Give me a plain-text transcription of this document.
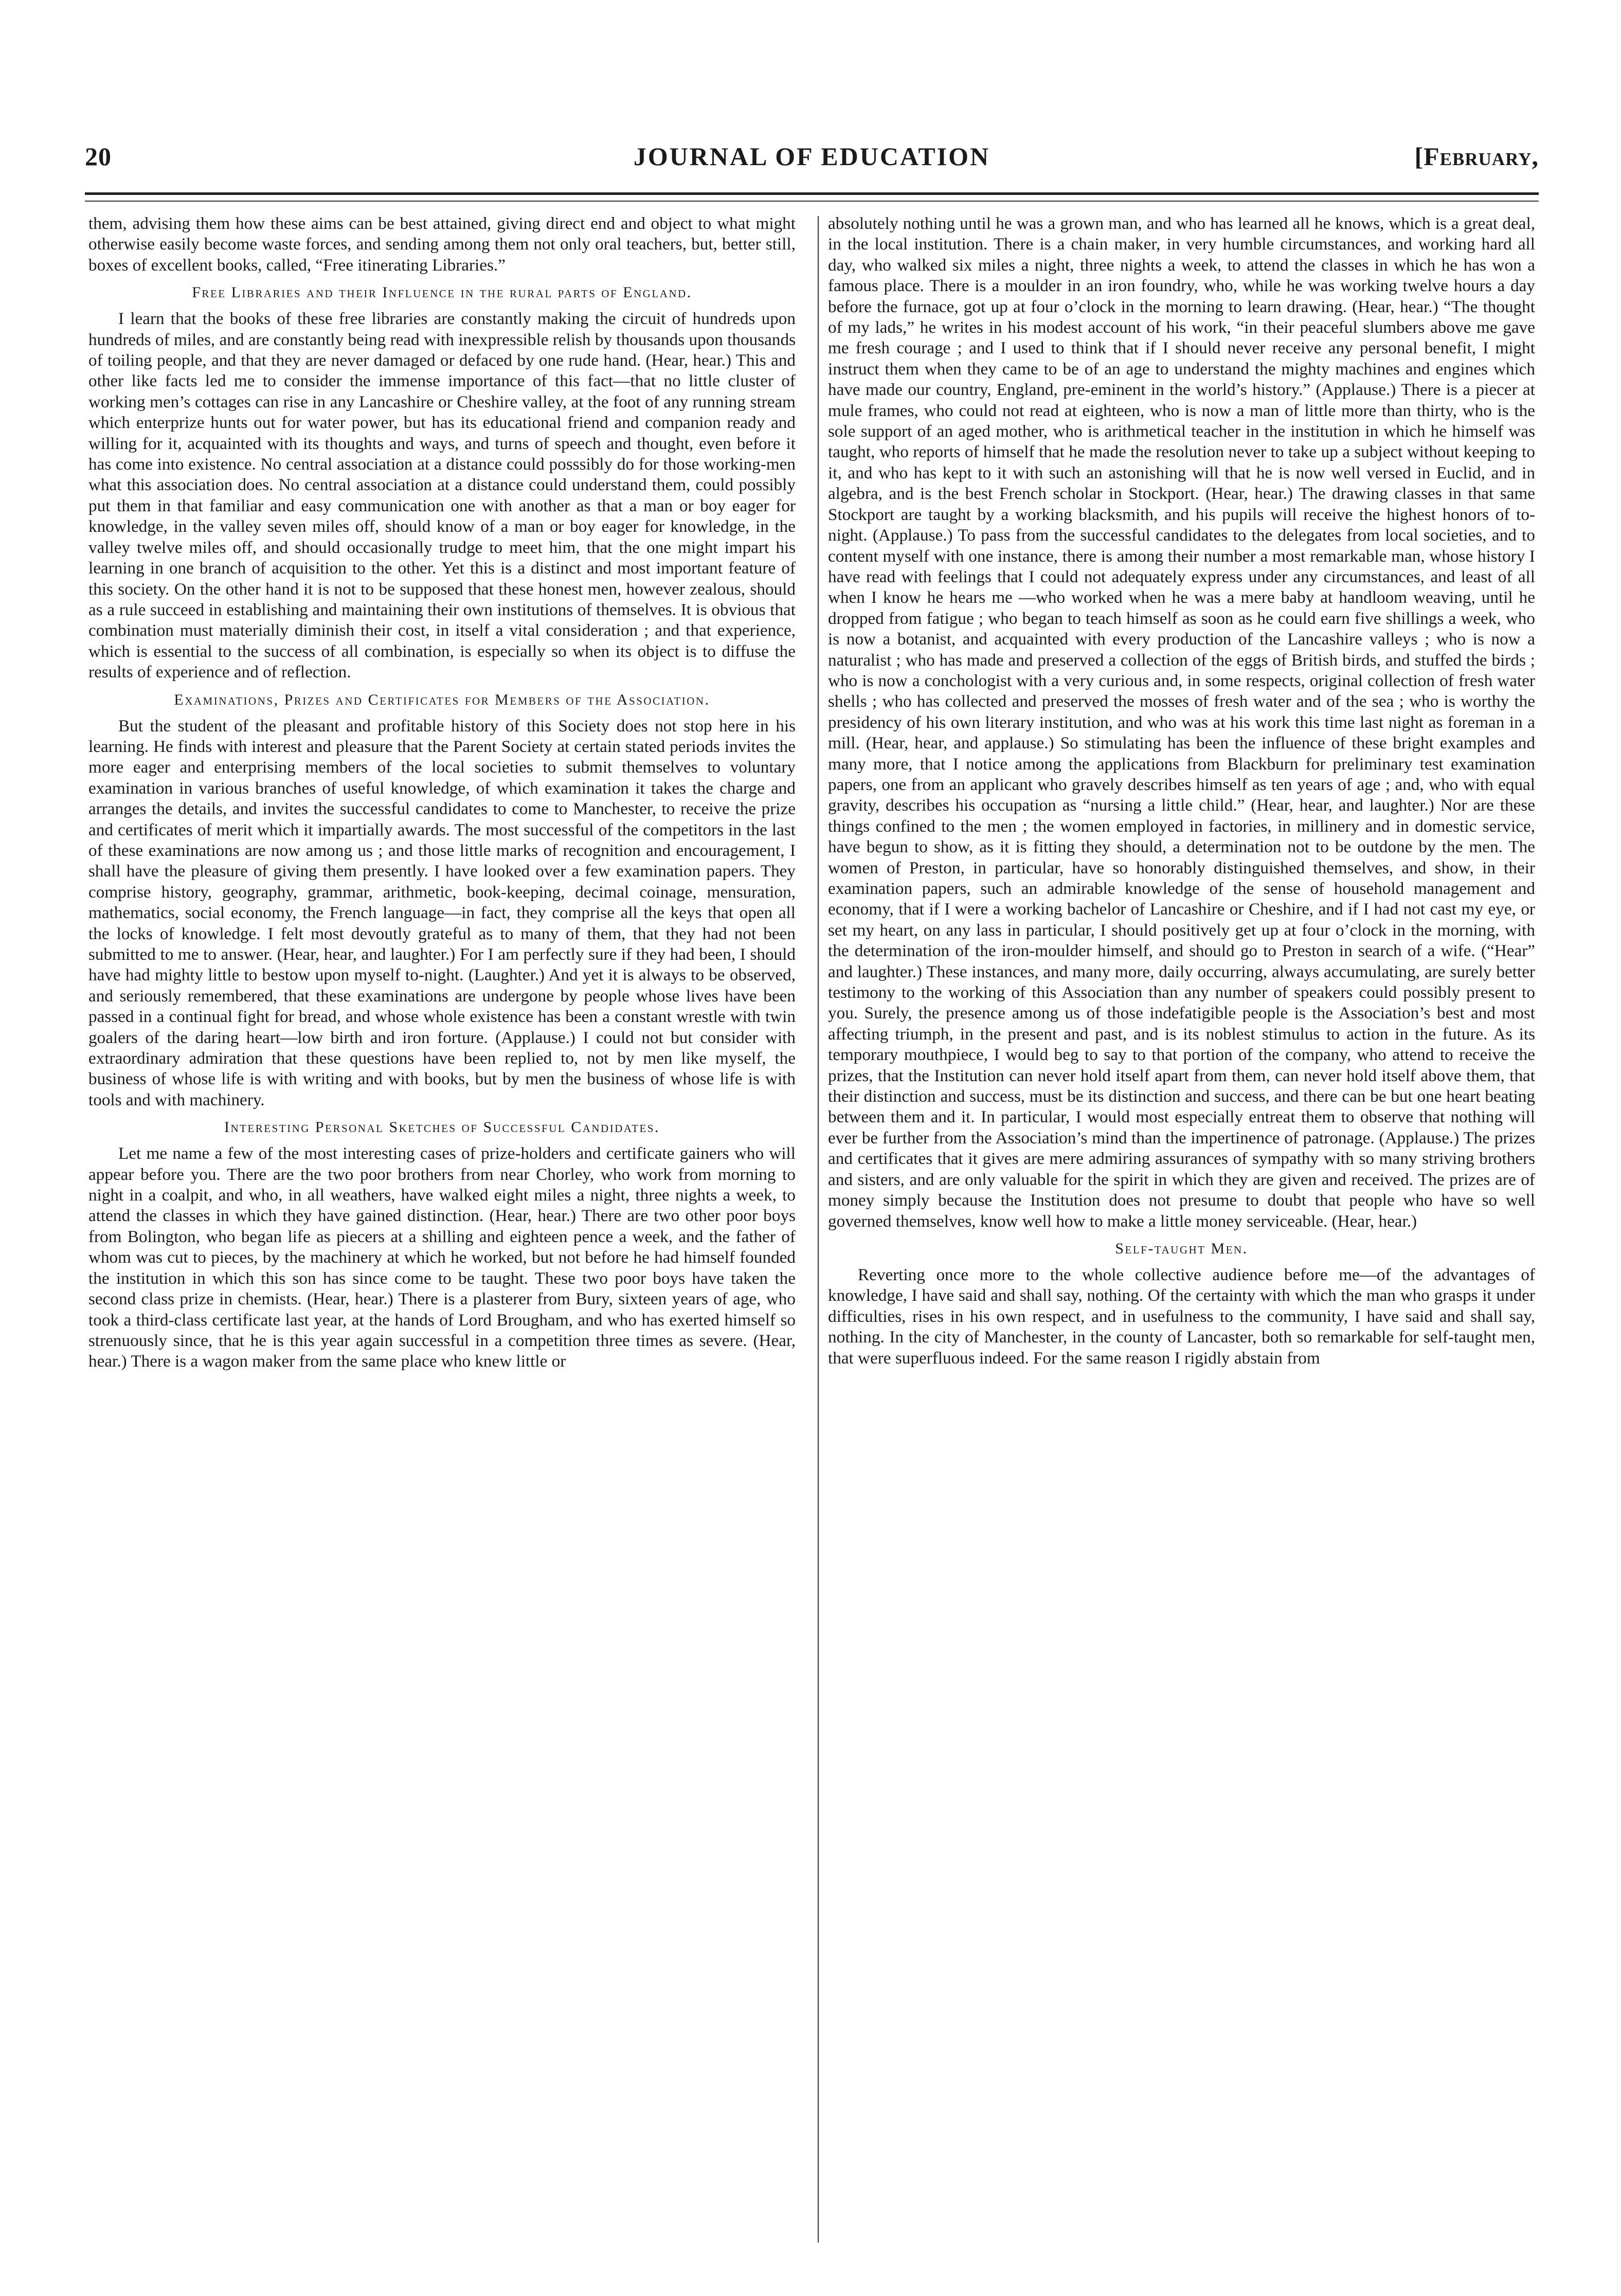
20	JOURNAL OF EDUCATION	[February,

them, advising them how these aims can be best attained, giving direct end and object to what might otherwise easily become waste forces, and sending among them not only oral teachers, but, better still, boxes of excellent books, called, “Free itinerating Libraries.”

Free Libraries and their Influence in the rural parts of England.

I learn that the books of these free libraries are constantly making the circuit of hundreds upon hundreds of miles, and are constantly being read with inexpressible relish by thousands upon thousands of toiling people, and that they are never damaged or defaced by one rude hand. (Hear, hear.) This and other like facts led me to consider the immense importance of this fact—that no little cluster of working men’s cottages can rise in any Lancashire or Cheshire valley, at the foot of any running stream which enterprize hunts out for water power, but has its educational friend and companion ready and willing for it, acquainted with its thoughts and ways, and turns of speech and thought, even before it has come into existence. No central association at a distance could posssibly do for those working-men what this association does. No central association at a distance could understand them, could possibly put them in that familiar and easy communication one with another as that a man or boy eager for knowledge, in the valley seven miles off, should know of a man or boy eager for knowledge, in the valley twelve miles off, and should occasionally trudge to meet him, that the one might impart his learning in one branch of acquisition to the other. Yet this is a distinct and most important feature of this society. On the other hand it is not to be supposed that these honest men, however zealous, should as a rule succeed in establishing and maintaining their own institutions of themselves. It is obvious that combination must materially diminish their cost, in itself a vital consideration ; and that experience, which is essential to the success of all combination, is especially so when its object is to diffuse the results of experience and of reflection.

Examinations, Prizes and Certificates for Members of the Association.

But the student of the pleasant and profitable history of this Society does not stop here in his learning. He finds with interest and pleasure that the Parent Society at certain stated periods invites the more eager and enterprising members of the local societies to submit themselves to voluntary examination in various branches of useful knowledge, of which examination it takes the charge and arranges the details, and invites the successful candidates to come to Manchester, to receive the prize and certificates of merit which it impartially awards. The most successful of the competitors in the last of these examinations are now among us ; and those little marks of recognition and encouragement, I shall have the pleasure of giving them presently. I have looked over a few examination papers. They comprise history, geography, grammar, arithmetic, book-keeping, decimal coinage, mensuration, mathematics, social economy, the French language—in fact, they comprise all the keys that open all the locks of knowledge. I felt most devoutly grateful as to many of them, that they had not been submitted to me to answer. (Hear, hear, and laughter.) For I am perfectly sure if they had been, I should have had mighty little to bestow upon myself to-night. (Laughter.) And yet it is always to be observed, and seriously remembered, that these examinations are undergone by people whose lives have been passed in a continual fight for bread, and whose whole existence has been a constant wrestle with twin goalers of the daring heart—low birth and iron forture. (Applause.) I could not but consider with extraordinary admiration that these questions have been replied to, not by men like myself, the business of whose life is with writing and with books, but by men the business of whose life is with tools and with machinery.

Interesting Personal Sketches of Successful Candidates.

Let me name a few of the most interesting cases of prize-holders and certificate gainers who will appear before you. There are the two poor brothers from near Chorley, who work from morning to night in a coalpit, and who, in all weathers, have walked eight miles a night, three nights a week, to attend the classes in which they have gained distinction. (Hear, hear.) There are two other poor boys from Bolington, who began life as piecers at a shilling and eighteen pence a week, and the father of whom was cut to pieces, by the machinery at which he worked, but not before he had himself founded the institution in which this son has since come to be taught. These two poor boys have taken the second class prize in chemists. (Hear, hear.) There is a plasterer from Bury, sixteen years of age, who took a third-class certificate last year, at the hands of Lord Brougham, and who has exerted himself so strenuously since, that he is this year again successful in a competition three times as severe. (Hear, hear.) There is a wagon maker from the same place who knew little or

absolutely nothing until he was a grown man, and who has learned all he knows, which is a great deal, in the local institution. There is a chain maker, in very humble circumstances, and working hard all day, who walked six miles a night, three nights a week, to attend the classes in which he has won a famous place. There is a moulder in an iron foundry, who, while he was working twelve hours a day before the furnace, got up at four o’clock in the morning to learn drawing. (Hear, hear.) “The thought of my lads,” he writes in his modest account of his work, “in their peaceful slumbers above me gave me fresh courage ; and I used to think that if I should never receive any personal benefit, I might instruct them when they came to be of an age to understand the mighty machines and engines which have made our country, England, pre-eminent in the world’s history.” (Applause.) There is a piecer at mule frames, who could not read at eighteen, who is now a man of little more than thirty, who is the sole support of an aged mother, who is arithmetical teacher in the institution in which he himself was taught, who reports of himself that he made the resolution never to take up a subject without keeping to it, and who has kept to it with such an astonishing will that he is now well versed in Euclid, and in algebra, and is the best French scholar in Stockport. (Hear, hear.) The drawing classes in that same Stockport are taught by a working blacksmith, and his pupils will receive the highest honors of to-night. (Applause.) To pass from the successful candidates to the delegates from local societies, and to content myself with one instance, there is among their number a most remarkable man, whose history I have read with feelings that I could not adequately express under any circumstances, and least of all when I know he hears me —who worked when he was a mere baby at handloom weaving, until he dropped from fatigue ; who began to teach himself as soon as he could earn five shillings a week, who is now a botanist, and acquainted with every production of the Lancashire valleys ; who is now a naturalist ; who has made and preserved a collection of the eggs of British birds, and stuffed the birds ; who is now a conchologist with a very curious and, in some respects, original collection of fresh water shells ; who has collected and preserved the mosses of fresh water and of the sea ; who is worthy the presidency of his own literary institution, and who was at his work this time last night as foreman in a mill. (Hear, hear, and applause.) So stimulating has been the influence of these bright examples and many more, that I notice among the applications from Blackburn for preliminary test examination papers, one from an applicant who gravely describes himself as ten years of age ; and, who with equal gravity, describes his occupation as “nursing a little child.” (Hear, hear, and laughter.) Nor are these things confined to the men ; the women employed in factories, in millinery and in domestic service, have begun to show, as it is fitting they should, a determination not to be outdone by the men. The women of Preston, in particular, have so honorably distinguished themselves, and show, in their examination papers, such an admirable knowledge of the sense of household management and economy, that if I were a working bachelor of Lancashire or Cheshire, and if I had not cast my eye, or set my heart, on any lass in particular, I should positively get up at four o’clock in the morning, with the determination of the iron-moulder himself, and should go to Preston in search of a wife. (“Hear” and laughter.) These instances, and many more, daily occurring, always accumulating, are surely better testimony to the working of this Association than any number of speakers could possibly present to you. Surely, the presence among us of those indefatigible people is the Association’s best and most affecting triumph, in the present and past, and is its noblest stimulus to action in the future. As its temporary mouthpiece, I would beg to say to that portion of the company, who attend to receive the prizes, that the Institution can never hold itself apart from them, can never hold itself above them, that their distinction and success, must be its distinction and success, and there can be but one heart beating between them and it. In particular, I would most especially entreat them to observe that nothing will ever be further from the Association’s mind than the impertinence of patronage. (Applause.) The prizes and certificates that it gives are mere admiring assurances of sympathy with so many striving brothers and sisters, and are only valuable for the spirit in which they are given and received. The prizes are of money simply because the Institution does not presume to doubt that people who have so well governed themselves, know well how to make a little money serviceable. (Hear, hear.)

Self-taught Men.

Reverting once more to the whole collective audience before me—of the advantages of knowledge, I have said and shall say, nothing. Of the certainty with which the man who grasps it under difficulties, rises in his own respect, and in usefulness to the community, I have said and shall say, nothing. In the city of Manchester, in the county of Lancaster, both so remarkable for self-taught men, that were superfluous indeed. For the same reason I rigidly abstain from
